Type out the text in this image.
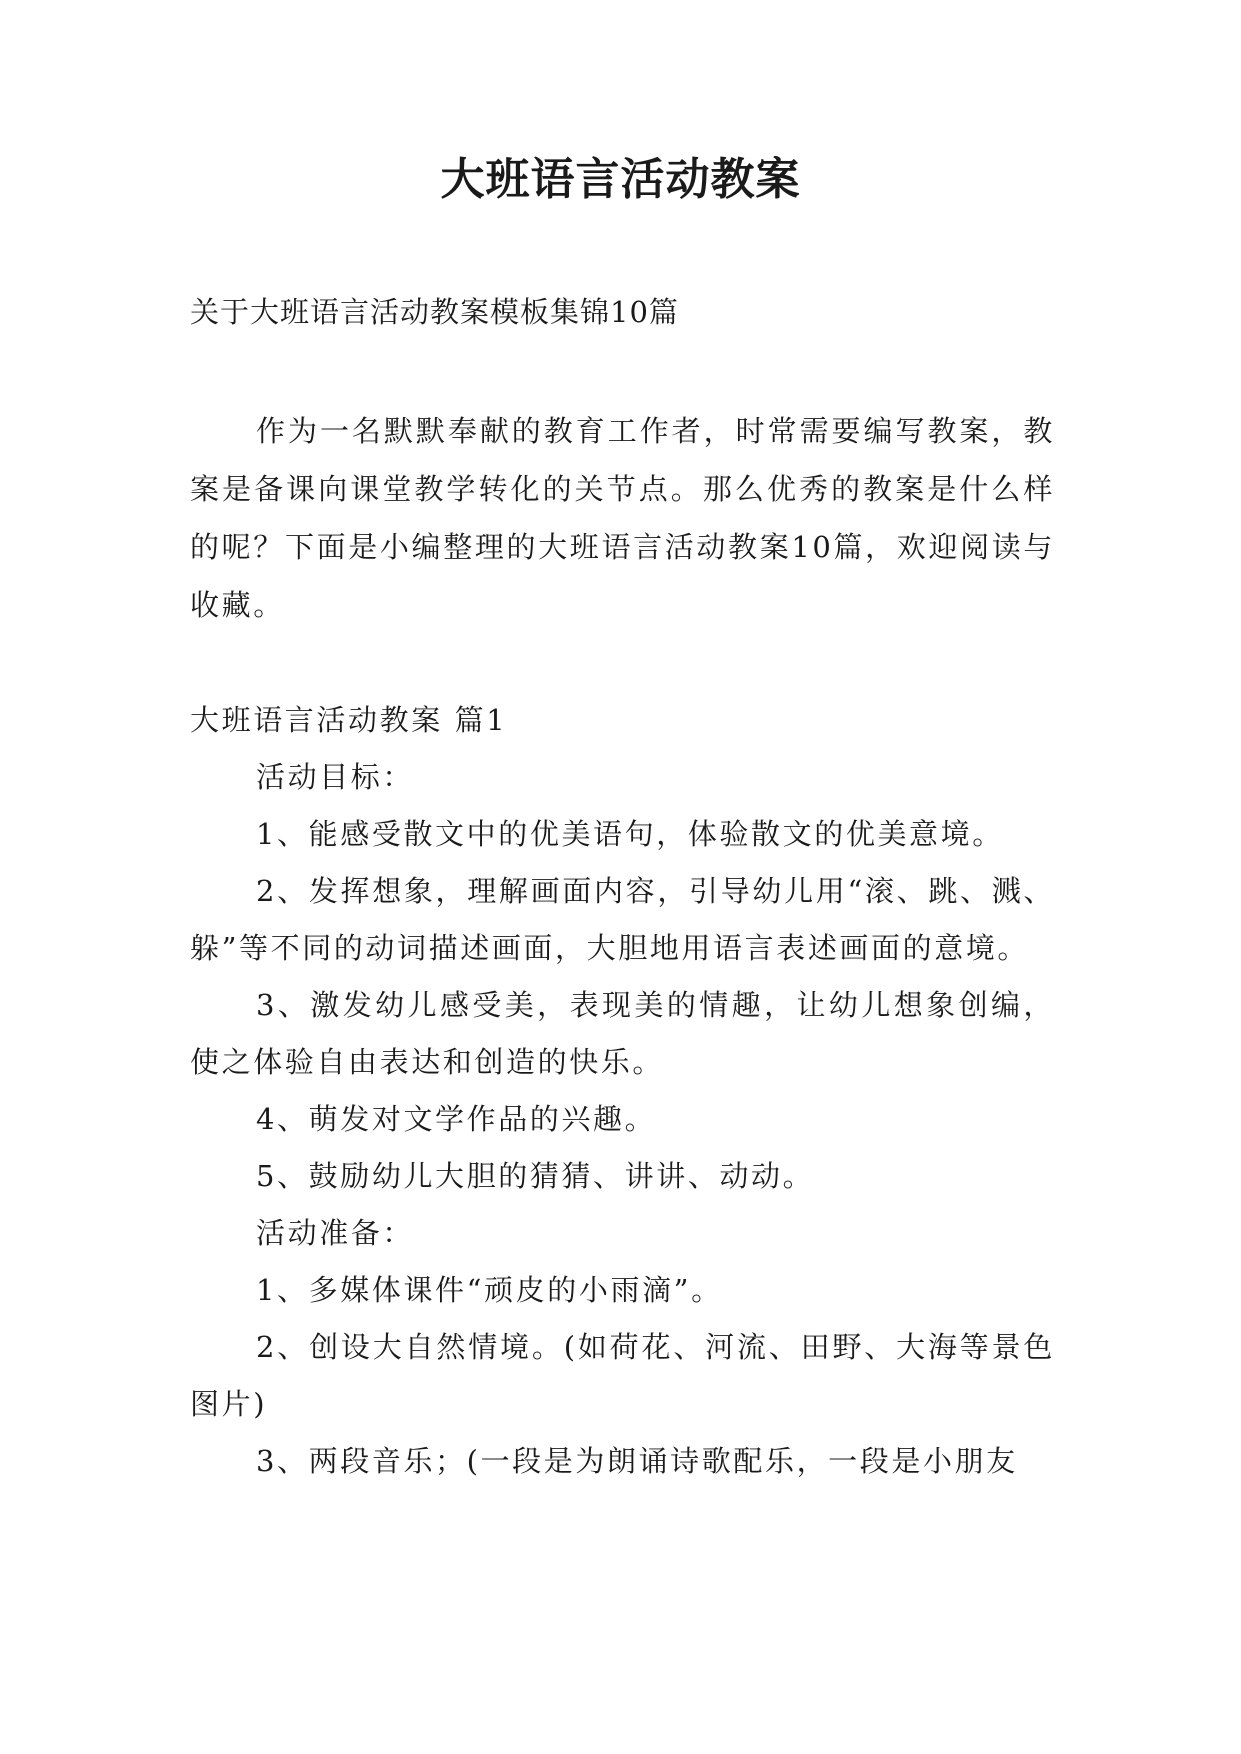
大班语言活动教案

关于大班语言活动教案模板集锦10篇

作为一名默默奉献的教育工作者，时常需要编写教案，教案是备课向课堂教学转化的关节点。那么优秀的教案是什么样的呢？下面是小编整理的大班语言活动教案10篇，欢迎阅读与收藏。

大班语言活动教案 篇1

活动目标：

1、能感受散文中的优美语句，体验散文的优美意境。

2、发挥想象，理解画面内容，引导幼儿用“滚、跳、溅、躲”等不同的动词描述画面，大胆地用语言表述画面的意境。

3、激发幼儿感受美，表现美的情趣，让幼儿想象创编，使之体验自由表达和创造的快乐。

4、萌发对文学作品的兴趣。

5、鼓励幼儿大胆的猜猜、讲讲、动动。

活动准备：

1、多媒体课件“顽皮的小雨滴”。

2、创设大自然情境。(如荷花、河流、田野、大海等景色图片)

3、两段音乐；(一段是为朗诵诗歌配乐，一段是小朋友
